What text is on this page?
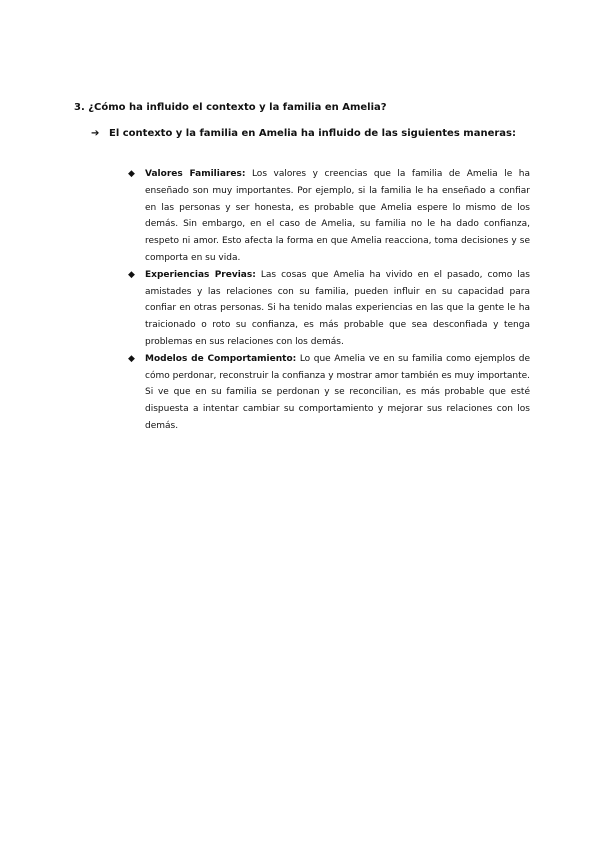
3. ¿Cómo ha influido el contexto y la familia en Amelia?
➔ El contexto y la familia en Amelia ha influido de las siguientes maneras:
◆ Valores Familiares: Los valores y creencias que la familia de Amelia le ha enseñado son muy importantes. Por ejemplo, si la familia le ha enseñado a confiar en las personas y ser honesta, es probable que Amelia espere lo mismo de los demás. Sin embargo, en el caso de Amelia, su familia no le ha dado confianza, respeto ni amor. Esto afecta la forma en que Amelia reacciona, toma decisiones y se comporta en su vida.
◆ Experiencias Previas: Las cosas que Amelia ha vivido en el pasado, como las amistades y las relaciones con su familia, pueden influir en su capacidad para confiar en otras personas. Si ha tenido malas experiencias en las que la gente le ha traicionado o roto su confianza, es más probable que sea desconfiada y tenga problemas en sus relaciones con los demás.
◆ Modelos de Comportamiento: Lo que Amelia ve en su familia como ejemplos de cómo perdonar, reconstruir la confianza y mostrar amor también es muy importante. Si ve que en su familia se perdonan y se reconcilian, es más probable que esté dispuesta a intentar cambiar su comportamiento y mejorar sus relaciones con los demás.
